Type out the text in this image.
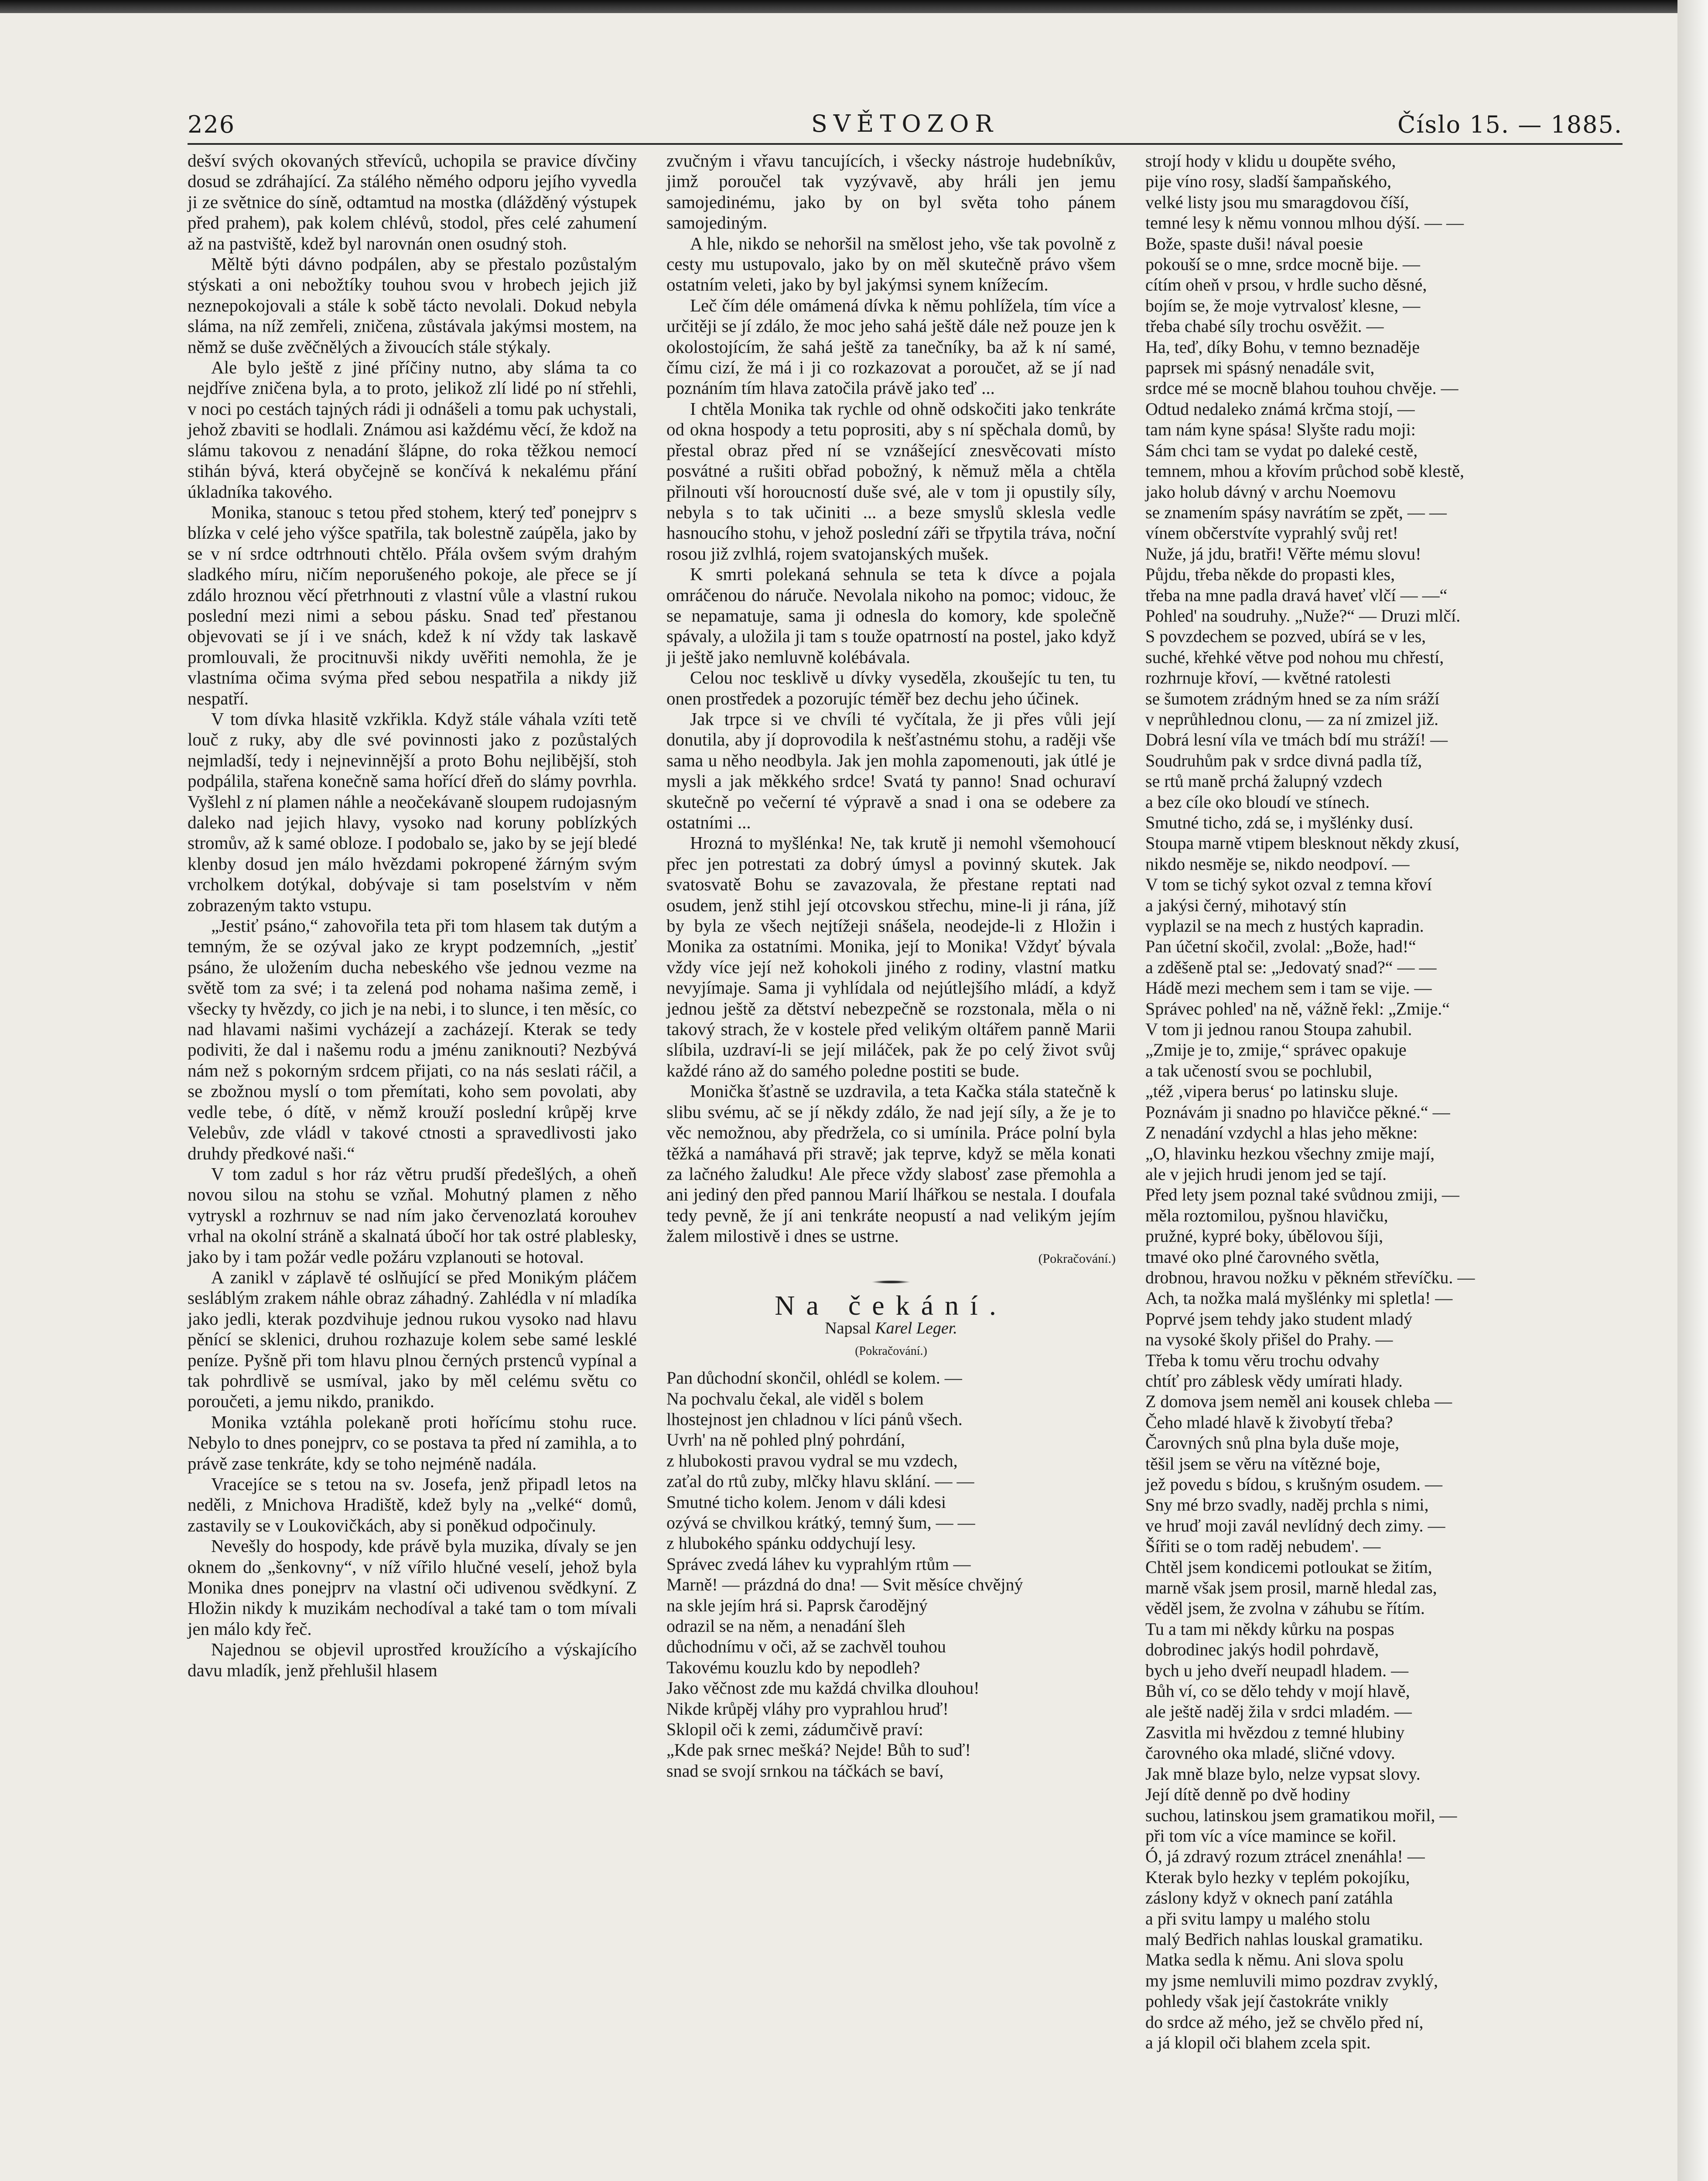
226	SVĚTOZOR	Číslo 15. — 1885.

dešví svých okovaných střevíců, uchopila se pravice dívčiny dosud se zdráhající. Za stálého němého odporu jejího vyvedla ji ze světnice do síně, odtamtud na mostka (dlážděný výstupek před prahem), pak kolem chlévů, stodol, přes celé zahumení až na pastviště, kdež byl narovnán onen osudný stoh.

Měltě býti dávno podpálen, aby se přestalo pozůstalým stýskati a oni nebožtíky touhou svou v hrobech jejich již neznepokojovali a stále k sobě tácto nevolali. Dokud nebyla sláma, na níž zemřeli, zničena, zůstávala jakýmsi mostem, na němž se duše zvěčnělých a živoucích stále stýkaly.

Ale bylo ještě z jiné příčiny nutno, aby sláma ta co nejdříve zničena byla, a to proto, jelikož zlí lidé po ní střehli, v noci po cestách tajných rádi ji odnášeli a tomu pak uchystali, jehož zbaviti se hodlali. Známou asi každému věcí, že kdož na slámu takovou z nenadání šlápne, do roka těžkou nemocí stihán bývá, která obyčejně se končívá k nekalému přání úkladníka takového.

Monika, stanouc s tetou před stohem, který teď ponejprv s blízka v celé jeho výšce spatřila, tak bolestně zaúpěla, jako by se v ní srdce odtrhnouti chtělo. Přála ovšem svým drahým sladkého míru, ničím neporušeného pokoje, ale přece se jí zdálo hroznou věcí přetrhnouti z vlastní vůle a vlastní rukou poslední mezi nimi a sebou pásku. Snad teď přestanou objevovati se jí i ve snách, kdež k ní vždy tak laskavě promlouvali, že procitnuvši nikdy uvěřiti nemohla, že je vlastníma očima svýma před sebou nespatřila a nikdy již nespatří.

V tom dívka hlasitě vzkřikla. Když stále váhala vzíti tetě louč z ruky, aby dle své povinnosti jako z pozůstalých nejmladší, tedy i nejnevinnější a proto Bohu nejlibější, stoh podpálila, stařena konečně sama hořící dřeň do slámy povrhla. Vyšlehl z ní plamen náhle a neočekávaně sloupem rudojasným daleko nad jejich hlavy, vysoko nad koruny poblízkých stromův, až k samé obloze. I podobalo se, jako by se její bledé klenby dosud jen málo hvězdami pokropené žárným svým vrcholkem dotýkal, dobývaje si tam poselstvím v něm zobrazeným takto vstupu.

„Jestiť psáno,“ zahovořila teta při tom hlasem tak dutým a temným, že se ozýval jako ze krypt podzemních, „jestiť psáno, že uložením ducha nebeského vše jednou vezme na světě tom za své; i ta zelená pod nohama našima země, i všecky ty hvězdy, co jich je na nebi, i to slunce, i ten měsíc, co nad hlavami našimi vycházejí a zacházejí. Kterak se tedy podiviti, že dal i našemu rodu a jménu zaniknouti? Nezbývá nám než s pokorným srdcem přijati, co na nás seslati ráčil, a se zbožnou myslí o tom přemítati, koho sem povolati, aby vedle tebe, ó dítě, v němž krouží poslední krůpěj krve Velebův, zde vládl v takové ctnosti a spravedlivosti jako druhdy předkové naši.“

V tom zadul s hor ráz větru prudší předešlých, a oheň novou silou na stohu se vzňal. Mohutný plamen z něho vytryskl a rozhrnuv se nad ním jako červenozlatá korouhev vrhal na okolní stráně a skalnatá úbočí hor tak ostré plablesky, jako by i tam požár vedle požáru vzplanouti se hotoval.

A zanikl v záplavě té oslňující se před Monikým pláčem sesláblým zrakem náhle obraz záhadný. Zahlédla v ní mladíka jako jedli, kterak pozdvihuje jednou rukou vysoko nad hlavu pěnící se sklenici, druhou rozhazuje kolem sebe samé lesklé peníze. Pyšně při tom hlavu plnou černých prstenců vypínal a tak pohrdlivě se usmíval, jako by měl celému světu co poroučeti, a jemu nikdo, pranikdo.

Monika vztáhla polekaně proti hořícímu stohu ruce. Nebylo to dnes ponejprv, co se postava ta před ní zamihla, a to právě zase tenkráte, kdy se toho nejméně nadála.

Vracejíce se s tetou na sv. Josefa, jenž připadl letos na neděli, z Mnichova Hradiště, kdež byly na „velké“ domů, zastavily se v Loukovičkách, aby si poněkud odpočinuly.

Nevešly do hospody, kde právě byla muzika, dívaly se jen oknem do „šenkovny“, v níž vířilo hlučné veselí, jehož byla Monika dnes ponejprv na vlastní oči udivenou svědkyní. Z Hložin nikdy k muzikám nechodíval a také tam o tom mívali jen málo kdy řeč.

Najednou se objevil uprostřed kroužícího a výskajícího davu mladík, jenž přehlušil hlasem

zvučným i vřavu tancujících, i všecky nástroje hudebníkův, jimž poroučel tak vyzývavě, aby hráli jen jemu samojedinému, jako by on byl světa toho pánem samojediným.

A hle, nikdo se nehoršil na smělost jeho, vše tak povolně z cesty mu ustupovalo, jako by on měl skutečně právo všem ostatním veleti, jako by byl jakýmsi synem knížecím.

Leč čím déle omámená dívka k němu pohlížela, tím více a určitěji se jí zdálo, že moc jeho sahá ještě dále než pouze jen k okolostojícím, že sahá ještě za tanečníky, ba až k ní samé, čímu cizí, že má i ji co rozkazovat a poroučet, až se jí nad poznáním tím hlava zatočila právě jako teď ...

I chtěla Monika tak rychle od ohně odskočiti jako tenkráte od okna hospody a tetu poprositi, aby s ní spěchala domů, by přestal obraz před ní se vznášející znesvěcovati místo posvátné a rušiti obřad pobožný, k němuž měla a chtěla přilnouti vší horoucností duše své, ale v tom ji opustily síly, nebyla s to tak učiniti ... a beze smyslů sklesla vedle hasnoucího stohu, v jehož poslední záři se třpytila tráva, noční rosou již zvlhlá, rojem svatojanských mušek.

K smrti polekaná sehnula se teta k dívce a pojala omráčenou do náruče. Nevolala nikoho na pomoc; vidouc, že se nepamatuje, sama ji odnesla do komory, kde společně spávaly, a uložila ji tam s touže opatrností na postel, jako když ji ještě jako nemluvně kolébávala.

Celou noc tesklivě u dívky vyseděla, zkoušejíc tu ten, tu onen prostředek a pozorujíc téměř bez dechu jeho účinek.

Jak trpce si ve chvíli té vyčítala, že ji přes vůli její donutila, aby jí doprovodila k nešťastnému stohu, a raději vše sama u něho neodbyla. Jak jen mohla zapomenouti, jak útlé je mysli a jak měkkého srdce! Svatá ty panno! Snad ochuraví skutečně po večerní té výpravě a snad i ona se odebere za ostatními ...

Hrozná to myšlénka! Ne, tak krutě ji nemohl všemohoucí přec jen potrestati za dobrý úmysl a povinný skutek. Jak svatosvatě Bohu se zavazovala, že přestane reptati nad osudem, jenž stihl její otcovskou střechu, mine-li ji rána, jíž by byla ze všech nejtížeji snášela, neodejde-li z Hložin i Monika za ostatními. Monika, její to Monika! Vždyť bývala vždy více její než kohokoli jiného z rodiny, vlastní matku nevyjímaje. Sama ji vyhlídala od nejútlejšího mládí, a když jednou ještě za dětství nebezpečně se rozstonala, měla o ni takový strach, že v kostele před velikým oltářem panně Marii slíbila, uzdraví-li se její miláček, pak že po celý život svůj každé ráno až do samého poledne postiti se bude.

Monička šťastně se uzdravila, a teta Kačka stála statečně k slibu svému, ač se jí někdy zdálo, že nad její síly, a že je to věc nemožnou, aby předržela, co si umínila. Práce polní byla těžká a namáhavá při stravě; jak teprve, když se měla konati za lačného žaludku! Ale přece vždy slabosť zase přemohla a ani jediný den před pannou Marií lhářkou se nestala. I doufala tedy pevně, že jí ani tenkráte neopustí a nad velikým jejím žalem milostivě i dnes se ustrne.

(Pokračování.)
Na čekání.
Napsal Karel Leger.
(Pokračování.)
Pan důchodní skončil, ohlédl se kolem. —
Na pochvalu čekal, ale viděl s bolem
lhostejnost jen chladnou v líci pánů všech.
Uvrh' na ně pohled plný pohrdání,
z hlubokosti pravou vydral se mu vzdech,
zaťal do rtů zuby, mlčky hlavu sklání. — —
Smutné ticho kolem. Jenom v dáli kdesi
ozývá se chvilkou krátký, temný šum, — —
z hlubokého spánku oddychují lesy.
Správec zvedá láhev ku vyprahlým rtům —
Marně! — prázdná do dna! — Svit měsíce chvějný
na skle jejím hrá si. Paprsk čarodějný
odrazil se na něm, a nenadání šleh
důchodnímu v oči, až se zachvěl touhou
Takovému kouzlu kdo by nepodleh?
Jako věčnost zde mu každá chvilka dlouhou!
Nikde krůpěj vláhy pro vyprahlou hruď!
Sklopil oči k zemi, zádumčivě praví:
„Kde pak srnec mešká? Nejde! Bůh to suď!
snad se svojí srnkou na táčkách se baví,
strojí hody v klidu u doupěte svého,
pije víno rosy, sladší šampaňského,
velké listy jsou mu smaragdovou číší,
temné lesy k němu vonnou mlhou dýší. — —
Bože, spaste duši! nával poesie
pokouší se o mne, srdce mocně bije. —
cítím oheň v prsou, v hrdle sucho děsné,
bojím se, že moje vytrvalosť klesne, —
třeba chabé síly trochu osvěžit. —
Ha, teď, díky Bohu, v temno beznaděje
paprsek mi spásný nenadále svit,
srdce mé se mocně blahou touhou chvěje. —
Odtud nedaleko známá krčma stojí, —
tam nám kyne spása! Slyšte radu moji:
Sám chci tam se vydat po daleké cestě,
temnem, mhou a křovím průchod sobě klestě,
jako holub dávný v archu Noemovu
se znamením spásy navrátím se zpět, — —
vínem občerstvíte vyprahlý svůj ret!
Nuže, já jdu, bratři! Věřte mému slovu!
Půjdu, třeba někde do propasti kles,
třeba na mne padla dravá haveť vlčí — —“
Pohled' na soudruhy. „Nuže?“ — Druzi mlčí.
S povzdechem se pozved, ubírá se v les,
suché, křehké větve pod nohou mu chřestí,
rozhrnuje křoví, — květné ratolesti
se šumotem zrádným hned se za ním sráží
v neprůhlednou clonu, — za ní zmizel již.
Dobrá lesní víla ve tmách bdí mu stráží! —
Soudruhům pak v srdce divná padla tíž,
se rtů maně prchá žalupný vzdech
a bez cíle oko bloudí ve stínech.
Smutné ticho, zdá se, i myšlénky dusí.
Stoupa marně vtipem blesknout někdy zkusí,
nikdo nesměje se, nikdo neodpoví. —
V tom se tichý sykot ozval z temna křoví
a jakýsi černý, mihotavý stín
vyplazil se na mech z hustých kapradin.
Pan účetní skočil, zvolal: „Bože, had!“
a zděšeně ptal se: „Jedovatý snad?“ — —
Hádě mezi mechem sem i tam se vije. —
Správec pohled' na ně, vážně řekl: „Zmije.“
V tom ji jednou ranou Stoupa zahubil.
„Zmije je to, zmije,“ správec opakuje
a tak učeností svou se pochlubil,
„též ‚vipera berus‘ po latinsku sluje.
Poznávám ji snadno po hlavičce pěkné.“ —
Z nenadání vzdychl a hlas jeho měkne:
„O, hlavinku hezkou všechny zmije mají,
ale v jejich hrudi jenom jed se tají.
Před lety jsem poznal také svůdnou zmiji, —
měla roztomilou, pyšnou hlavičku,
pružné, kypré boky, úbělovou šíji,
tmavé oko plné čarovného světla,
drobnou, hravou nožku v pěkném střevíčku. —
Ach, ta nožka malá myšlénky mi spletla! —
Poprvé jsem tehdy jako student mladý
na vysoké školy přišel do Prahy. —
Třeba k tomu věru trochu odvahy
chtíť pro záblesk vědy umírati hlady.
Z domova jsem neměl ani kousek chleba —
Čeho mladé hlavě k živobytí třeba?
Čarovných snů plna byla duše moje,
těšil jsem se věru na vítězné boje,
jež povedu s bídou, s krušným osudem. —
Sny mé brzo svadly, naděj prchla s nimi,
ve hruď moji zavál nevlídný dech zimy. —
Šířiti se o tom raděj nebudem'. —
Chtěl jsem kondicemi potloukat se žitím,
marně však jsem prosil, marně hledal zas,
věděl jsem, že zvolna v záhubu se řítím.
Tu a tam mi někdy kůrku na pospas
dobrodinec jakýs hodil pohrdavě,
bych u jeho dveří neupadl hladem. —
Bůh ví, co se dělo tehdy v mojí hlavě,
ale ještě naděj žila v srdci mladém. —
Zasvitla mi hvězdou z temné hlubiny
čarovného oka mladé, sličné vdovy.
Jak mně blaze bylo, nelze vypsat slovy.
Její dítě denně po dvě hodiny
suchou, latinskou jsem gramatikou mořil, —
při tom víc a více mamince se kořil.
Ó, já zdravý rozum ztrácel znenáhla! —
Kterak bylo hezky v teplém pokojíku,
záslony když v oknech paní zatáhla
a při svitu lampy u malého stolu
malý Bedřich nahlas louskal gramatiku.
Matka sedla k němu. Ani slova spolu
my jsme nemluvili mimo pozdrav zvyklý,
pohledy však její častokráte vnikly
do srdce až mého, jež se chvělo před ní,
a já klopil oči blahem zcela spit.
